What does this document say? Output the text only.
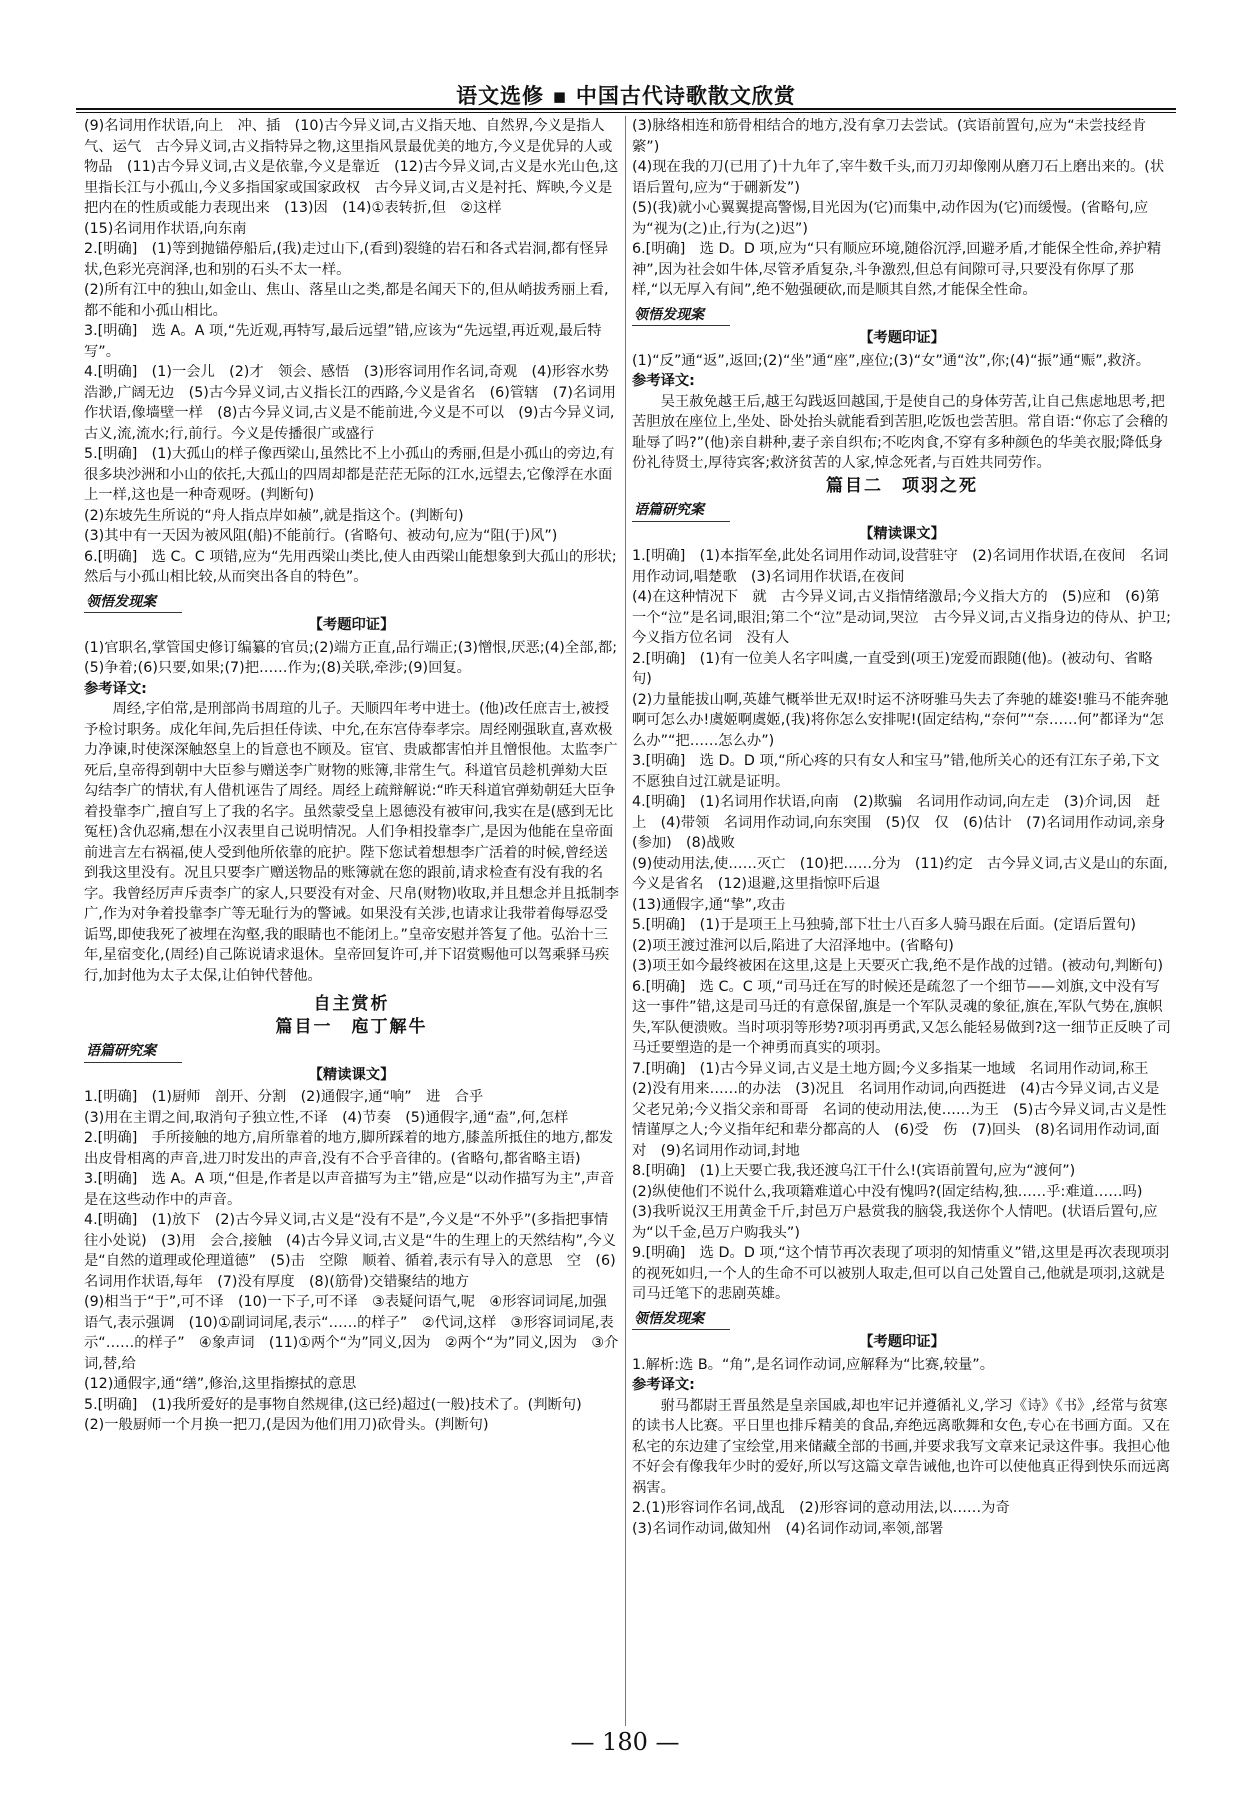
语文选修 ▪ 中国古代诗歌散文欣赏

(9)名词用作状语,向上　冲、插　(10)古今异义词,古义指天地、自然界,今义是指人气、运气　古今异义词,古义指特异之物,这里指风景最优美的地方,今义是优异的人或物品　(11)古今异义词,古义是依靠,今义是靠近　(12)古今异义词,古义是水光山色,这里指长江与小孤山,今义多指国家或国家政权　古今异义词,古义是衬托、辉映,今义是把内在的性质或能力表现出来　(13)因　(14)①表转折,但　②这样

(15)名词用作状语,向东南

2.[明确]　(1)等到抛锚停船后,(我)走过山下,(看到)裂缝的岩石和各式岩洞,都有怪异状,色彩光亮润泽,也和别的石头不太一样。

(2)所有江中的独山,如金山、焦山、落星山之类,都是名闻天下的,但从峭拔秀丽上看,都不能和小孤山相比。

3.[明确]　选 A。A 项,“先近观,再特写,最后远望”错,应该为“先远望,再近观,最后特写”。

4.[明确]　(1)一会儿　(2)才　领会、感悟　(3)形容词用作名词,奇观　(4)形容水势浩渺,广阔无边　(5)古今异义词,古义指长江的西路,今义是省名　(6)管辖　(7)名词用作状语,像墙壁一样　(8)古今异义词,古义是不能前进,今义是不可以　(9)古今异义词,古义,流,流水;行,前行。今义是传播很广或盛行

5.[明确]　(1)大孤山的样子像西梁山,虽然比不上小孤山的秀丽,但是小孤山的旁边,有很多块沙洲和小山的依托,大孤山的四周却都是茫茫无际的江水,远望去,它像浮在水面上一样,这也是一种奇观呀。(判断句)

(2)东坡先生所说的“舟人指点岸如赪”,就是指这个。(判断句)

(3)其中有一天因为被风阻(船)不能前行。(省略句、被动句,应为“阻(于)风”)

6.[明确]　选 C。C 项错,应为“先用西梁山类比,使人由西梁山能想象到大孤山的形状;然后与小孤山相比较,从而突出各自的特色”。

领悟发现案
【考题印证】

(1)官职名,掌管国史修订编纂的官员;(2)端方正直,品行端正;(3)憎恨,厌恶;(4)全部,都;(5)争着;(6)只要,如果;(7)把……作为;(8)关联,牵涉;(9)回复。

参考译文:

周经,字伯常,是刑部尚书周瑄的儿子。天顺四年考中进士。(他)改任庶吉士,被授予检讨职务。成化年间,先后担任侍读、中允,在东宫侍奉孝宗。周经刚强耿直,喜欢极力净谏,时使深深触怒皇上的旨意也不顾及。宦官、贵戚都害怕并且憎恨他。太监李广死后,皇帝得到朝中大臣参与赠送李广财物的账簿,非常生气。科道官员趁机弹劾大臣勾结李广的情状,有人借机诬告了周经。周经上疏辩解说:“昨天科道官弹劾朝廷大臣争着投靠李广,擅自写上了我的名字。虽然蒙受皇上恩德没有被审问,我实在是(感到无比冤枉)含仇忍痛,想在小汉表里自己说明情况。人们争相投靠李广,是因为他能在皇帝面前进言左右祸福,使人受到他所依靠的庇护。陛下您试着想想李广活着的时候,曾经送到我这里没有。况且只要李广赠送物品的账簿就在您的跟前,请求检查有没有我的名字。我曾经厉声斥责李广的家人,只要没有对金、尺帛(财物)收取,并且想念并且抵制李广,作为对争着投靠李广等无耻行为的警诫。如果没有关涉,也请求让我带着侮辱忍受诟骂,即使我死了被埋在沟壑,我的眼睛也不能闭上。”皇帝安慰并答复了他。弘治十三年,星宿变化,(周经)自己陈说请求退休。皇帝回复许可,并下诏赏赐他可以驾乘驿马疾行,加封他为太子太保,让伯钟代替他。

自主赏析
篇目一　庖丁解牛
语篇研究案
【精读课文】

1.[明确]　(1)厨师　剖开、分割　(2)通假字,通“响”　进　合乎

(3)用在主谓之间,取消句子独立性,不译　(4)节奏　(5)通假字,通“盍”,何,怎样

2.[明确]　手所接触的地方,肩所靠着的地方,脚所踩着的地方,膝盖所抵住的地方,都发出皮骨相离的声音,进刀时发出的声音,没有不合乎音律的。(省略句,都省略主语)

3.[明确]　选 A。A 项,“但是,作者是以声音描写为主”错,应是“以动作描写为主”,声音是在这些动作中的声音。

4.[明确]　(1)放下　(2)古今异义词,古义是“没有不是”,今义是“不外乎”(多指把事情往小处说)　(3)用　会合,接触　(4)古今异义词,古义是“牛的生理上的天然结构”,今义是“自然的道理或伦理道德”　(5)击　空隙　顺着、循着,表示有导入的意思　空　(6)名词用作状语,每年　(7)没有厚度　(8)(筋骨)交错聚结的地方

(9)相当于“于”,可不译　(10)一下子,可不译　③表疑问语气,呢　④形容词词尾,加强语气,表示强调　(10)①副词词尾,表示“……的样子”　②代词,这样　③形容词词尾,表示“……的样子”　④象声词　(11)①两个“为”同义,因为　②两个“为”同义,因为　③介词,替,给

(12)通假字,通“缮”,修治,这里指擦拭的意思

5.[明确]　(1)我所爱好的是事物自然规律,(这已经)超过(一般)技术了。(判断句)

(2)一般厨师一个月换一把刀,(是因为他们用刀)砍骨头。(判断句)

(3)脉络相连和筋骨相结合的地方,没有拿刀去尝试。(宾语前置句,应为“未尝技经肯綮”)

(4)现在我的刀(已用了)十九年了,宰牛数千头,而刀刃却像刚从磨刀石上磨出来的。(状语后置句,应为“于硎新发”)

(5)(我)就小心翼翼提高警惕,目光因为(它)而集中,动作因为(它)而缓慢。(省略句,应为“视为(之)止,行为(之)迟”)

6.[明确]　选 D。D 项,应为“只有顺应环境,随俗沉浮,回避矛盾,才能保全性命,养护精神”,因为社会如牛体,尽管矛盾复杂,斗争激烈,但总有间隙可寻,只要没有你厚了那样,“以无厚入有间”,绝不勉强硬砍,而是顺其自然,才能保全性命。

领悟发现案
【考题印证】

(1)“反”通“返”,返回;(2)“坐”通“座”,座位;(3)“女”通“汝”,你;(4)“振”通“赈”,救济。

参考译文:

吴王赦免越王后,越王勾践返回越国,于是使自己的身体劳苦,让自己焦虑地思考,把苦胆放在座位上,坐处、卧处抬头就能看到苦胆,吃饭也尝苦胆。常自语:“你忘了会稽的耻辱了吗?”(他)亲自耕种,妻子亲自织布;不吃肉食,不穿有多种颜色的华美衣服;降低身份礼待贤士,厚待宾客;救济贫苦的人家,悼念死者,与百姓共同劳作。

篇目二　项羽之死
语篇研究案
【精读课文】

1.[明确]　(1)本指军垒,此处名词用作动词,设营驻守　(2)名词用作状语,在夜间　名词用作动词,唱楚歌　(3)名词用作状语,在夜间

(4)在这种情况下　就　古今异义词,古义指情绪激昂;今义指大方的　(5)应和　(6)第一个“泣”是名词,眼泪;第二个“泣”是动词,哭泣　古今异义词,古义指身边的侍从、护卫;今义指方位名词　没有人

2.[明确]　(1)有一位美人名字叫虞,一直受到(项王)宠爱而跟随(他)。(被动句、省略句)

(2)力量能拔山啊,英雄气概举世无双!时运不济呀骓马失去了奔驰的雄姿!骓马不能奔驰啊可怎么办!虞姬啊虞姬,(我)将你怎么安排呢!(固定结构,“奈何”“奈……何”都译为“怎么办”“把……怎么办”)

3.[明确]　选 D。D 项,“所心疼的只有女人和宝马”错,他所关心的还有江东子弟,下文不愿独自过江就是证明。

4.[明确]　(1)名词用作状语,向南　(2)欺骗　名词用作动词,向左走　(3)介词,因　赶上　(4)带领　名词用作动词,向东突围　(5)仅　仅　(6)估计　(7)名词用作动词,亲身(参加)　(8)战败

(9)使动用法,使……灭亡　(10)把……分为　(11)约定　古今异义词,古义是山的东面,今义是省名　(12)退避,这里指惊吓后退

(13)通假字,通“挚”,攻击

5.[明确]　(1)于是项王上马独骑,部下壮士八百多人骑马跟在后面。(定语后置句)

(2)项王渡过淮河以后,陷进了大沼泽地中。(省略句)

(3)项王如今最终被困在这里,这是上天要灭亡我,绝不是作战的过错。(被动句,判断句)

6.[明确]　选 C。C 项,“司马迁在写的时候还是疏忽了一个细节——刘旗,文中没有写这一事件”错,这是司马迁的有意保留,旗是一个军队灵魂的象征,旗在,军队气势在,旗帜失,军队便溃败。当时项羽等形势?项羽再勇武,又怎么能轻易做到?这一细节正反映了司马迁要塑造的是一个神勇而真实的项羽。

7.[明确]　(1)古今异义词,古义是土地方圆;今义多指某一地域　名词用作动词,称王　(2)没有用来……的办法　(3)况且　名词用作动词,向西挺进　(4)古今异义词,古义是父老兄弟;今义指父亲和哥哥　名词的使动用法,使……为王　(5)古今异义词,古义是性情谨厚之人;今义指年纪和辈分都高的人　(6)受　伤　(7)回头　(8)名词用作动词,面对　(9)名词用作动词,封地

8.[明确]　(1)上天要亡我,我还渡乌江干什么!(宾语前置句,应为“渡何”)

(2)纵使他们不说什么,我项籍难道心中没有愧吗?(固定结构,独……乎:难道……吗)

(3)我听说汉王用黄金千斤,封邑万户悬赏我的脑袋,我送你个人情吧。(状语后置句,应为“以千金,邑万户购我头”)

9.[明确]　选 D。D 项,“这个情节再次表现了项羽的知情重义”错,这里是再次表现项羽的视死如归,一个人的生命不可以被别人取走,但可以自己处置自己,他就是项羽,这就是司马迁笔下的悲剧英雄。

领悟发现案
【考题印证】

1.解析:选 B。“角”,是名词作动词,应解释为“比赛,较量”。

参考译文:

驸马都尉王晋虽然是皇亲国戚,却也牢记并遵循礼义,学习《诗》《书》,经常与贫寒的读书人比赛。平日里也排斥精美的食品,弃绝远离歌舞和女色,专心在书画方面。又在私宅的东边建了宝绘堂,用来储藏全部的书画,并要求我写文章来记录这件事。我担心他不好会有像我年少时的爱好,所以写这篇文章告诫他,也许可以使他真正得到快乐而远离祸害。

2.(1)形容词作名词,战乱　(2)形容词的意动用法,以……为奇

(3)名词作动词,做知州　(4)名词作动词,率领,部署

— 180 —
